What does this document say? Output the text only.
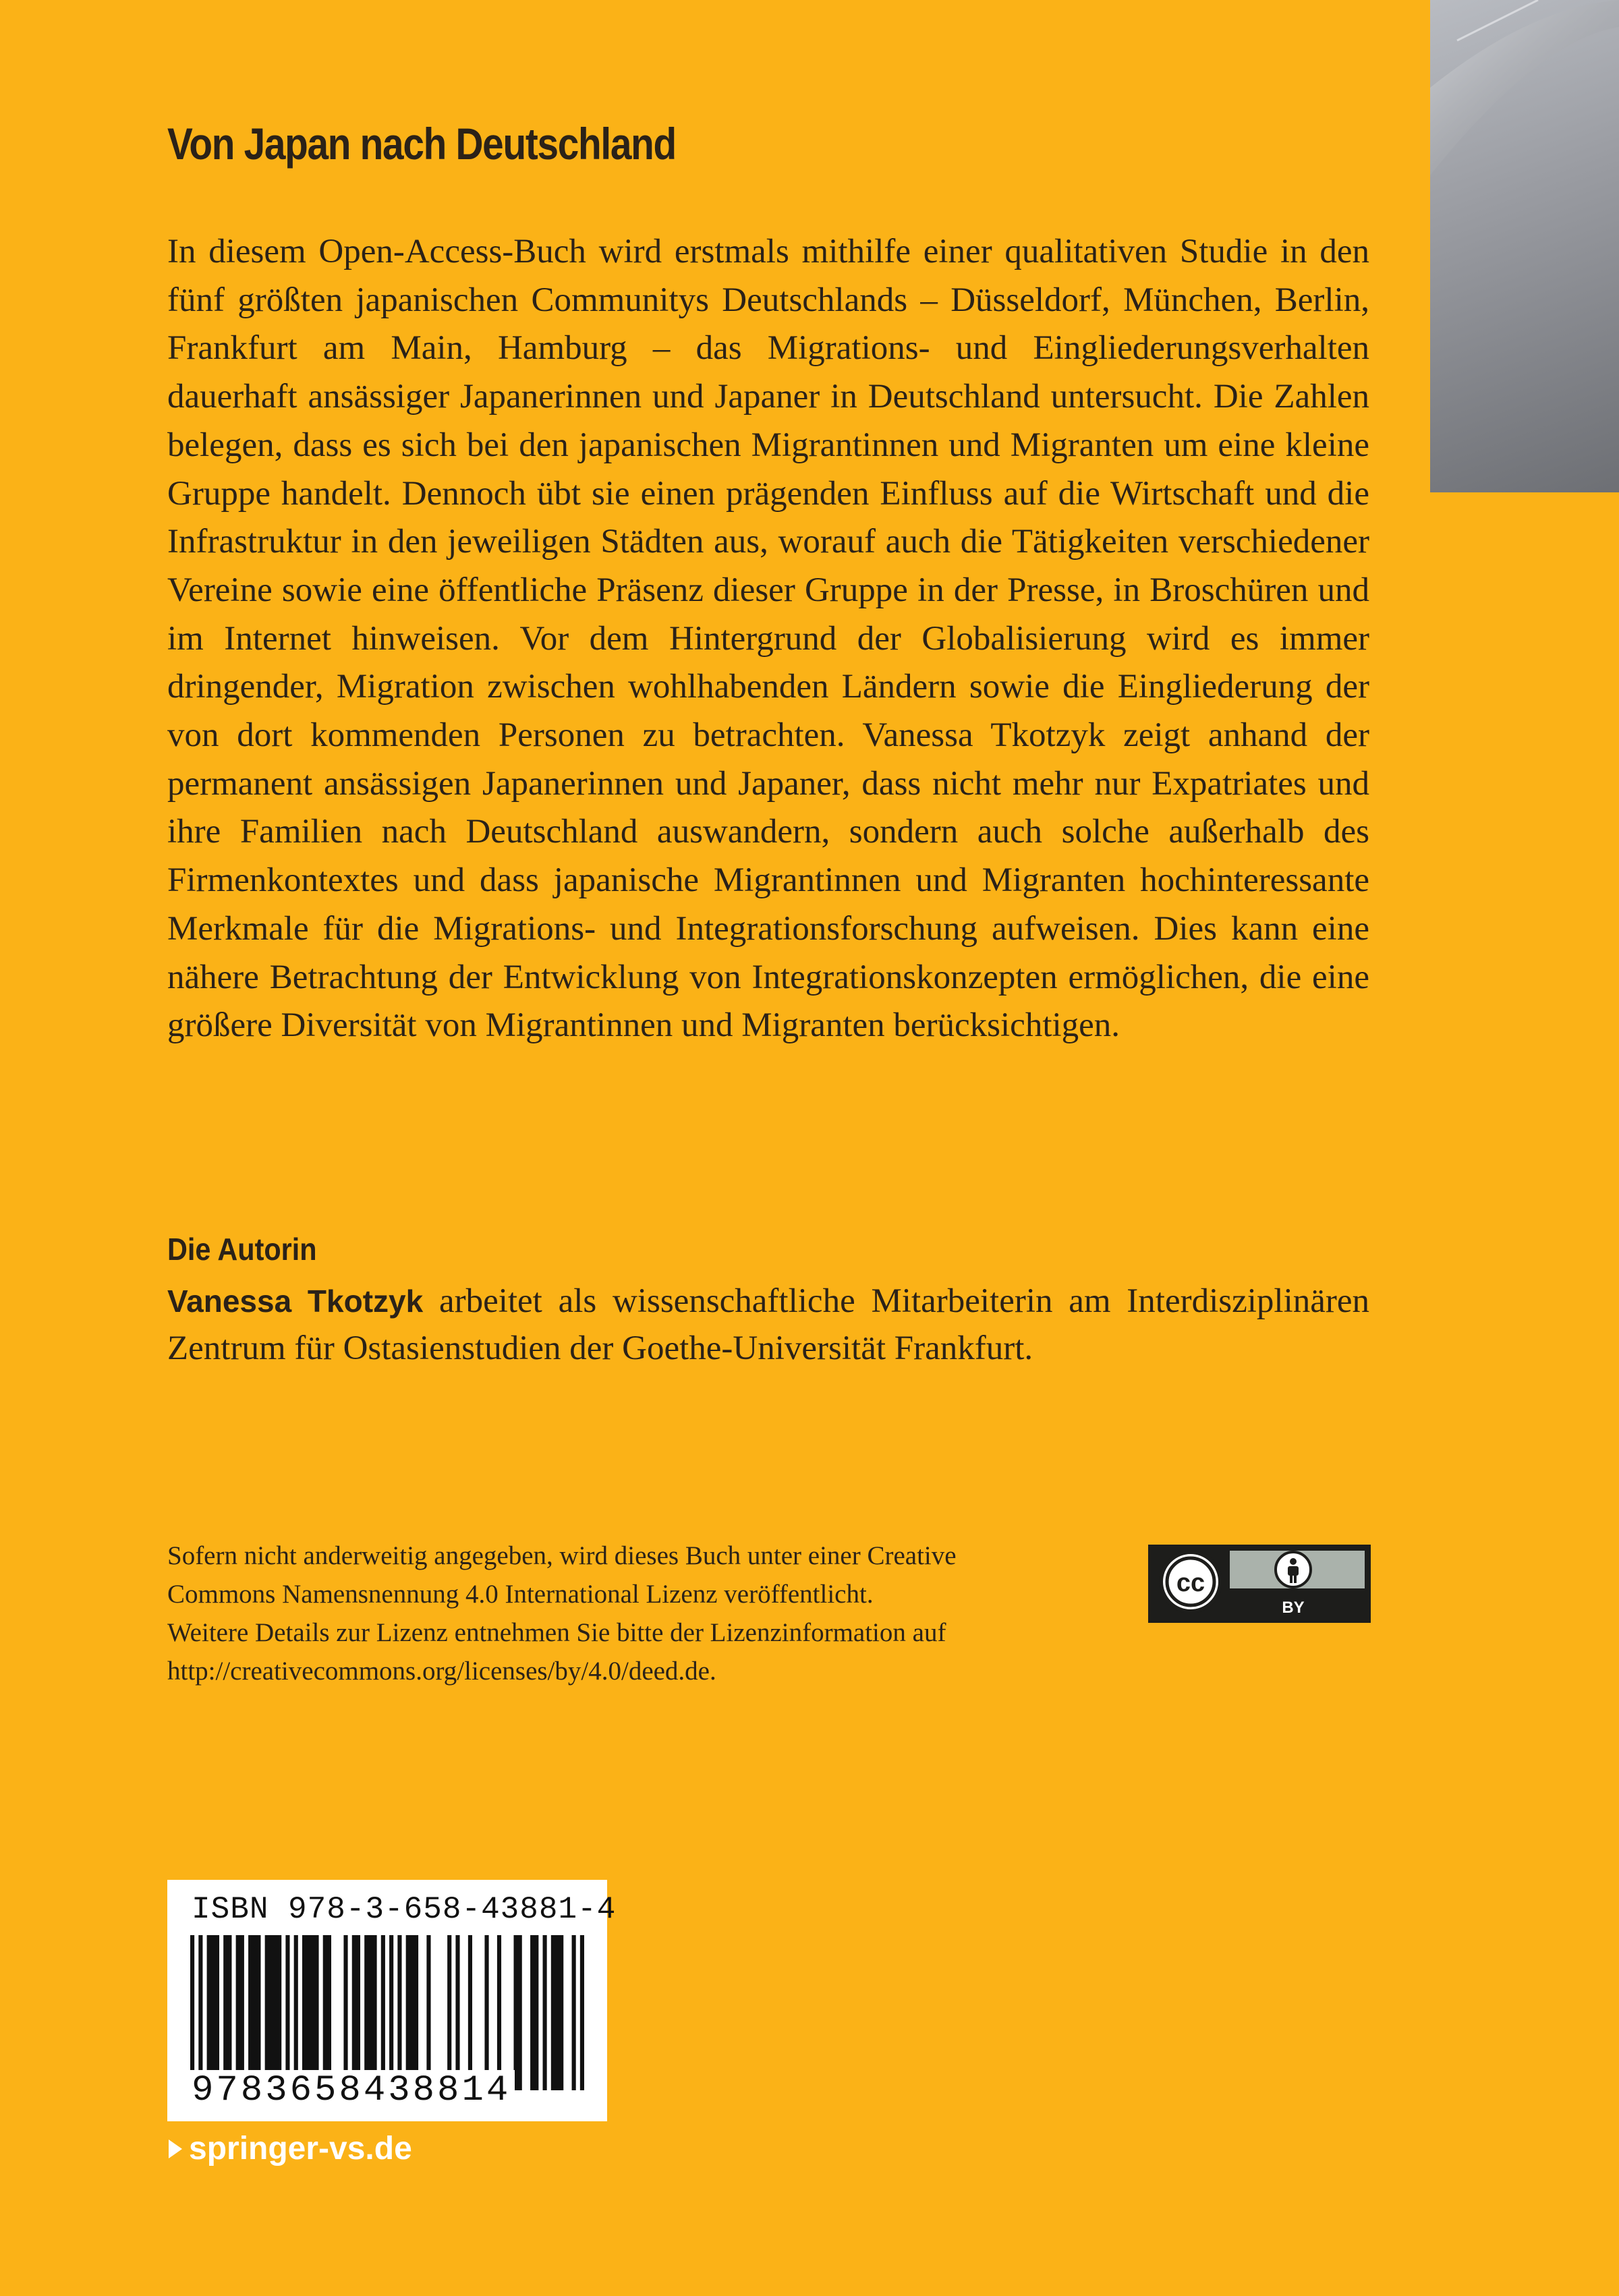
Von Japan nach Deutschland

In diesem Open-Access-Buch wird erstmals mithilfe einer qualitativen Studie in den fünf größten japanischen Communitys Deutschlands – Düsseldorf, München, Berlin, Frankfurt am Main, Hamburg – das Migrations- und Eingliederungsverhalten dauerhaft ansässiger Japanerinnen und Japaner in Deutschland untersucht. Die Zahlen belegen, dass es sich bei den japanischen Migrantinnen und Migranten um eine kleine Gruppe handelt. Dennoch übt sie einen prägenden Einfluss auf die Wirtschaft und die Infrastruktur in den jeweiligen Städten aus, worauf auch die Tätigkeiten verschiedener Vereine sowie eine öffentliche Präsenz dieser Gruppe in der Presse, in Broschüren und im Internet hinweisen. Vor dem Hintergrund der Globalisierung wird es immer dringender, Migration zwischen wohlhabenden Ländern sowie die Eingliederung der von dort kommenden Personen zu betrachten. Vanessa Tkotzyk zeigt anhand der permanent ansässigen Japanerinnen und Japaner, dass nicht mehr nur Expatriates und ihre Familien nach Deutschland auswandern, sondern auch solche außerhalb des Firmenkontextes und dass japanische Migrantinnen und Migranten hochinteressante Merkmale für die Migrations- und Integrationsforschung aufweisen. Dies kann eine nähere Betrachtung der Entwicklung von Integrationskonzepten ermöglichen, die eine größere Diversität von Migrantinnen und Migranten berücksichtigen.

Die Autorin

Vanessa Tkotzyk arbeitet als wissenschaftliche Mitarbeiterin am Interdisziplinären Zentrum für Ostasienstudien der Goethe-Universität Frankfurt.

Sofern nicht anderweitig angegeben, wird dieses Buch unter einer Creative
Commons Namensnennung 4.0 International Lizenz veröffentlicht.
Weitere Details zur Lizenz entnehmen Sie bitte der Lizenzinformation auf
http://creativecommons.org/licenses/by/4.0/deed.de.
cc
BY
ISBN 978-3-658-43881-4
9783658438814
springer-vs.de
